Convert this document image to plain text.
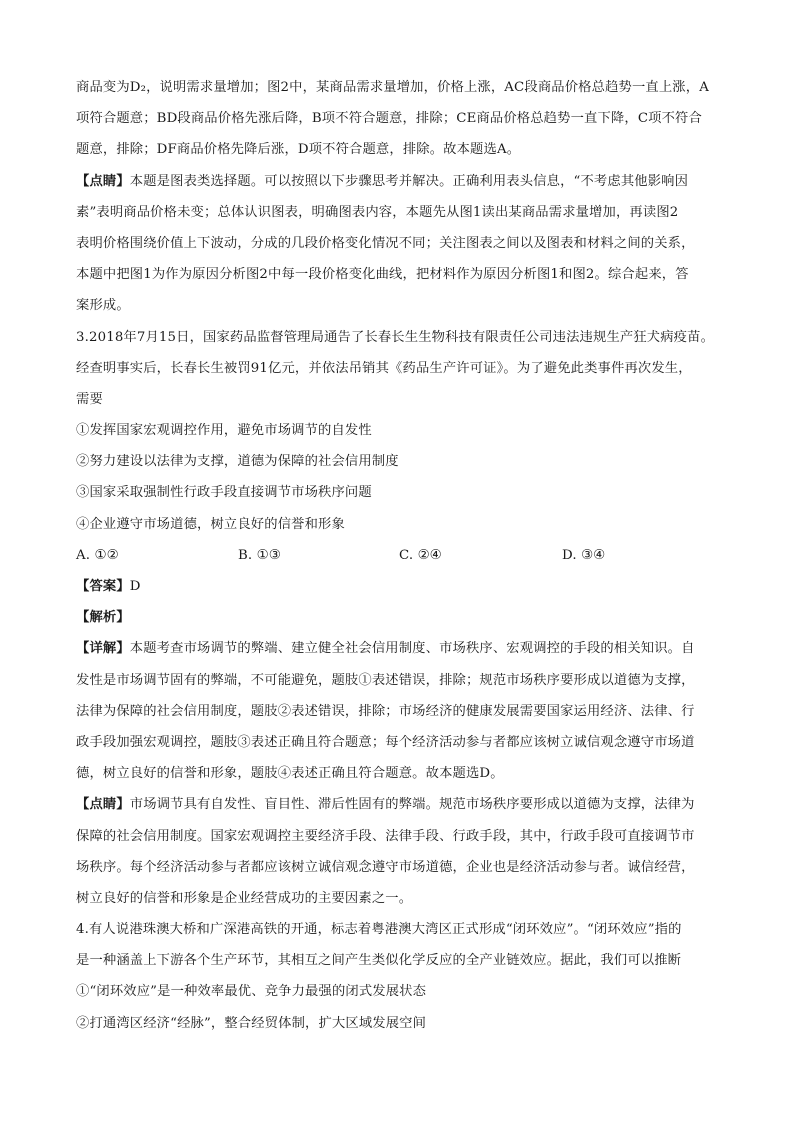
商品变为D₂，说明需求量增加；图2中，某商品需求量增加，价格上涨，AC段商品价格总趋势一直上涨，A
项符合题意；BD段商品价格先涨后降，B项不符合题意，排除；CE商品价格总趋势一直下降，C项不符合
题意，排除；DF商品价格先降后涨，D项不符合题意，排除。故本题选A。
【点睛】本题是图表类选择题。可以按照以下步骤思考并解决。正确利用表头信息，“不考虑其他影响因
素”表明商品价格未变；总体认识图表，明确图表内容，本题先从图1读出某商品需求量增加，再读图2
表明价格围绕价值上下波动，分成的几段价格变化情况不同；关注图表之间以及图表和材料之间的关系，
本题中把图1为作为原因分析图2中每一段价格变化曲线，把材料作为原因分析图1和图2。综合起来，答
案形成。
3.2018年7月15日，国家药品监督管理局通告了长春长生生物科技有限责任公司违法违规生产狂犬病疫苗。
经查明事实后，长春长生被罚91亿元，并依法吊销其《药品生产许可证》。为了避免此类事件再次发生，
需要
①发挥国家宏观调控作用，避免市场调节的自发性
②努力建设以法律为支撑，道德为保障的社会信用制度
③国家采取强制性行政手段直接调节市场秩序问题
④企业遵守市场道德，树立良好的信誉和形象
A. ①②	B. ①③	C. ②④	D. ③④
【答案】D
【解析】
【详解】本题考查市场调节的弊端、建立健全社会信用制度、市场秩序、宏观调控的手段的相关知识。自
发性是市场调节固有的弊端，不可能避免，题肢①表述错误，排除；规范市场秩序要形成以道德为支撑，
法律为保障的社会信用制度，题肢②表述错误，排除；市场经济的健康发展需要国家运用经济、法律、行
政手段加强宏观调控，题肢③表述正确且符合题意；每个经济活动参与者都应该树立诚信观念遵守市场道
德，树立良好的信誉和形象，题肢④表述正确且符合题意。故本题选D。
【点睛】市场调节具有自发性、盲目性、滞后性固有的弊端。规范市场秩序要形成以道德为支撑，法律为
保障的社会信用制度。国家宏观调控主要经济手段、法律手段、行政手段，其中，行政手段可直接调节市
场秩序。每个经济活动参与者都应该树立诚信观念遵守市场道德，企业也是经济活动参与者。诚信经营，
树立良好的信誉和形象是企业经营成功的主要因素之一。
4.有人说港珠澳大桥和广深港高铁的开通，标志着粤港澳大湾区正式形成“闭环效应”。“闭环效应”指的
是一种涵盖上下游各个生产环节，其相互之间产生类似化学反应的全产业链效应。据此，我们可以推断
①“闭环效应”是一种效率最优、竞争力最强的闭式发展状态
②打通湾区经济“经脉”，整合经贸体制，扩大区域发展空间
